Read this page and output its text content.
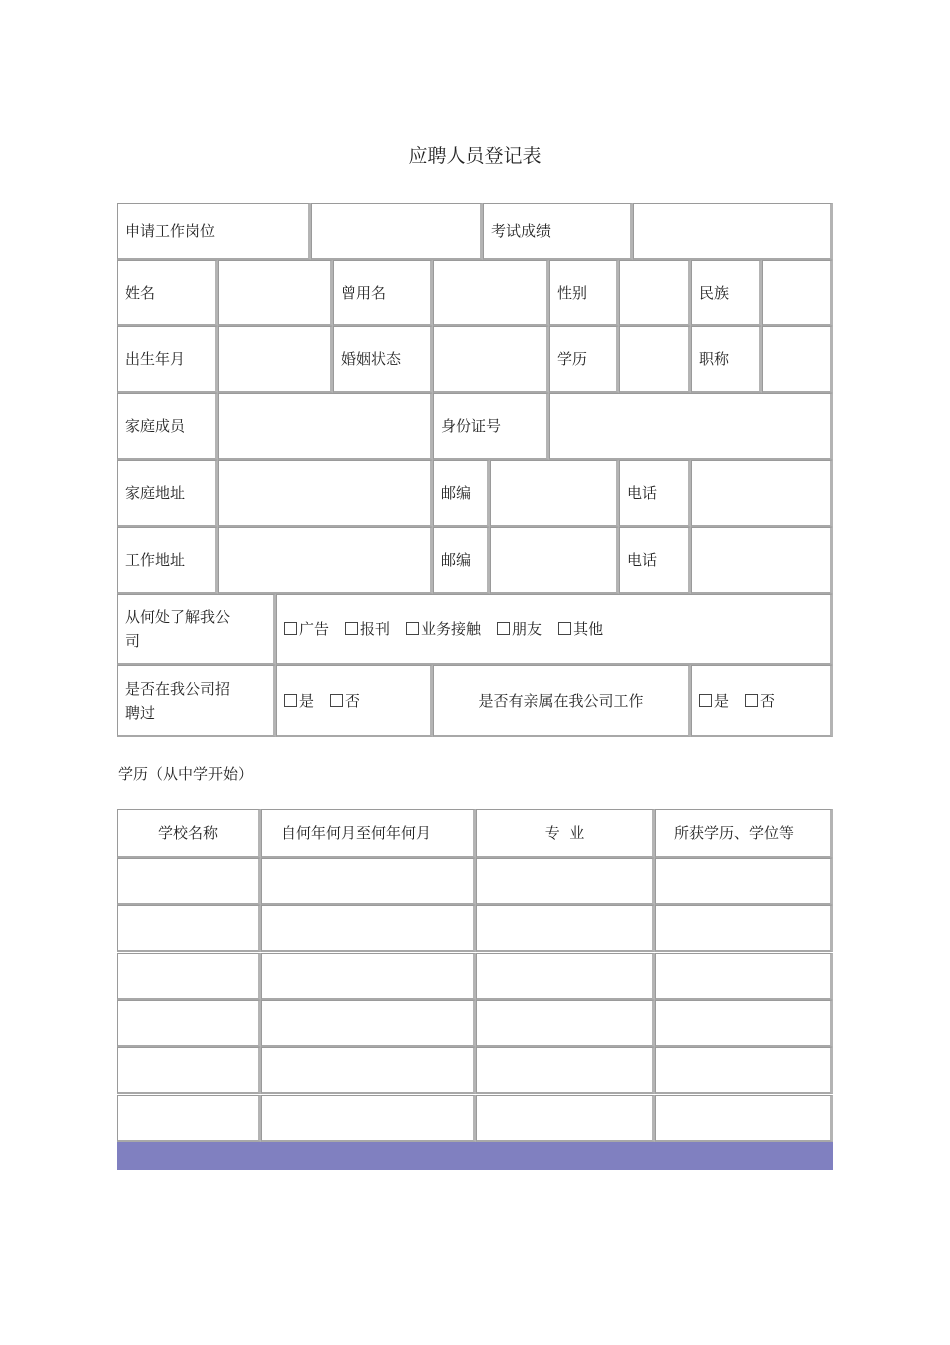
应聘人员登记表
申请工作岗位	考试成绩
姓名	曾用名	性别	民族
出生年月	婚姻状态	学历	职称
家庭成员	身份证号
家庭地址	邮编	电话
工作地址	邮编	电话
从何处了解我公司
广告	报刊	业务接触	朋友	其他
是否在我公司招聘过
是	否	是否有亲属在我公司工作	是	否
学历（从中学开始）
学校名称	自何年何月至何年何月	专  业	所获学历、学位等
